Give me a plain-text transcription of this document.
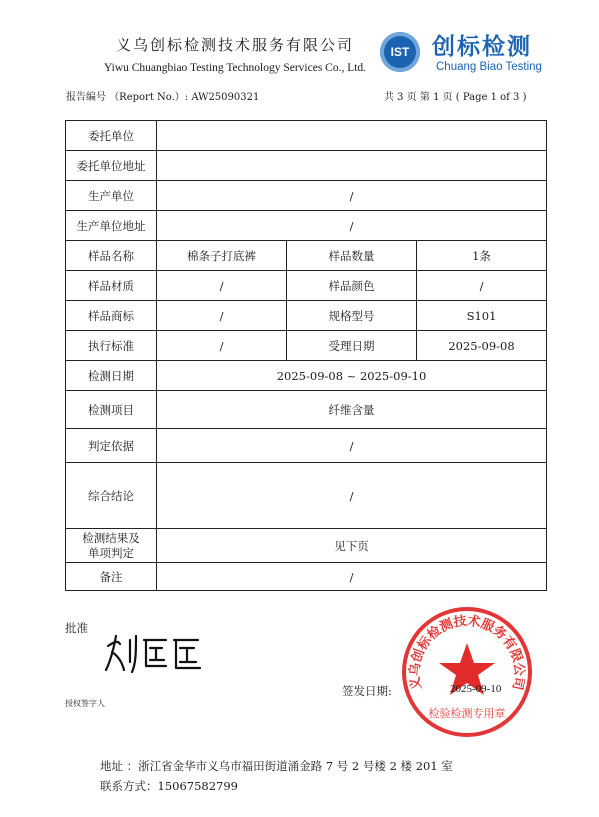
义乌创标检测技术服务有限公司
Yiwu Chuangbiao Testing Technology Services Co., Ltd.
IST 创标检测
Chuang Biao Testing
报告编号 （Report No.）: AW25090321	共 3 页 第 1 页 ( Page 1 of 3 )
委托单位			
委托单位地址			
生产单位	/		
生产单位地址	/		
样品名称	棉条子打底裤	样品数量	1条
样品材质	/	样品颜色	/
样品商标	/	规格型号	S101
执行标准	/	受理日期	2025-09-08
检测日期	2025-09-08 ~ 2025-09-10		
检测项目	纤维含量		
判定依据	/		
综合结论	/		

检测结果及
单项判定	见下页		
备注	/		
义乌创标检测技术服务有限公司
检验检测专用章
批准
授权签字人
签发日期:	2025-09-10
地址 ：浙江省金华市义乌市福田街道涌金路 7 号 2 号楼 2 楼 201 室
联系方式：15067582799
